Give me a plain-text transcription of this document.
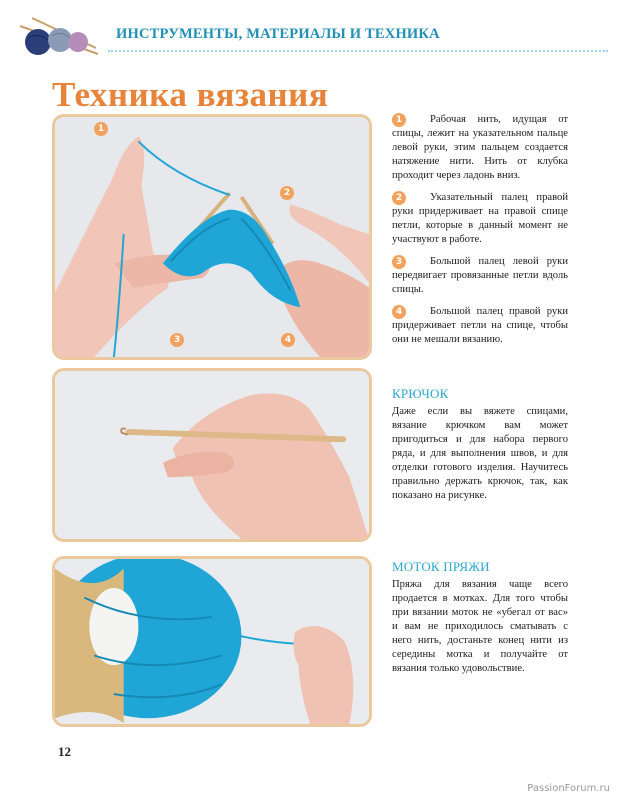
ИНСТРУМЕНТЫ, МАТЕРИАЛЫ И ТЕХНИКА
Техника вязания
1
2
3	4
1	Рабочая нить, идущая от спицы, лежит на указательном пальце левой руки, этим пальцем создается натяжение нити. Нить от клубка проходит через ладонь вниз.
2	Указательный палец правой руки придерживает на правой спице петли, которые в данный момент не участвуют в работе.
3	Большой палец левой руки передвигает провязанные петли вдоль спицы.
4	Большой палец правой руки придерживает петли на спице, чтобы они не мешали вязанию.
КРЮЧОК

Даже если вы вяжете спицами, вязание крючком вам может пригодиться и для набора первого ряда, и для выполнения швов, и для отделки готового изделия. Научитесь правильно держать крючок, так, как показано на рисунке.

МОТОК ПРЯЖИ

Пряжа для вязания чаще всего продается в мотках. Для того чтобы при вязании моток не «убегал от вас» и вам не приходилось сматывать с него нить, достаньте конец нити из середины мотка и получайте от вязания только удовольствие.

12
PassionForum.ru
